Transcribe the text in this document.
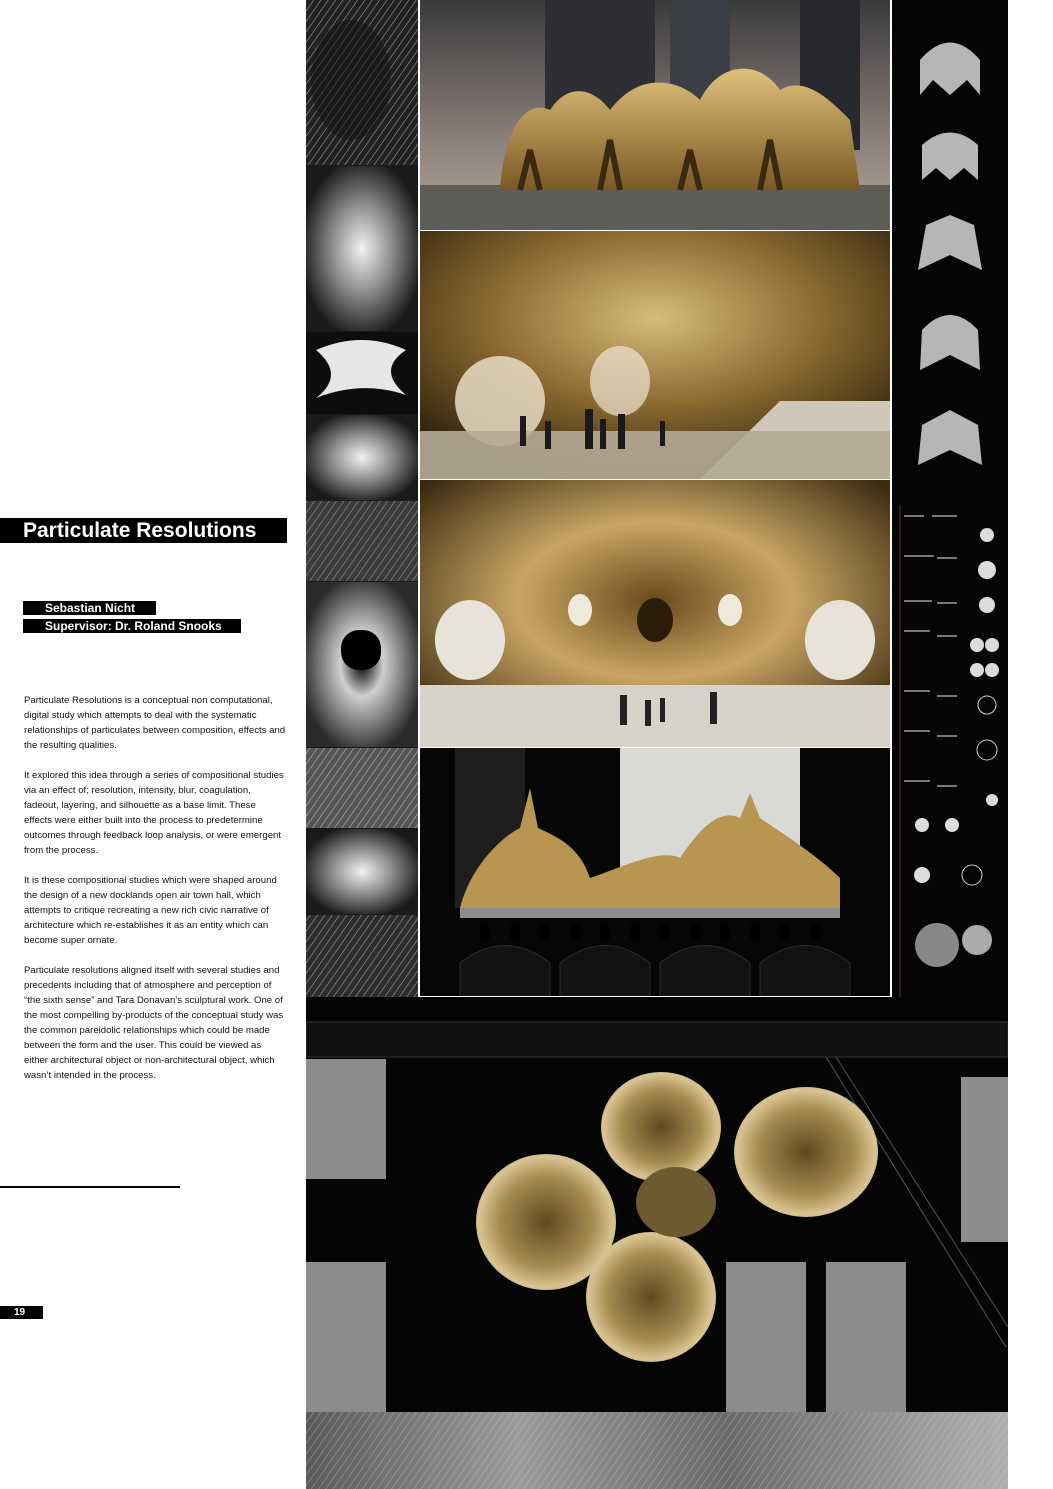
Particulate Resolutions
Sebastian Nicht
Supervisor: Dr. Roland Snooks

Particulate Resolutions is a conceptual non computational, digital study which attempts to deal with the systematic relationships of particulates between composition, effects and the resulting qualities.

It explored this idea through a series of compositional studies via an effect of; resolution, intensity, blur, coagulation, fadeout, layering, and silhouette as a base limit. These effects were either built into the process to predetermine outcomes through feedback loop analysis, or were emergent from the process.

It is these compositional studies which were shaped around the design of a new docklands open air town hall, which attempts to critique recreating a new rich civic narrative of architecture which re-establishes it as an entity which can become super ornate.

Particulate resolutions aligned itself with several studies and precedents including that of atmosphere and perception of “the sixth sense” and Tara Donavan’s sculptural work. One of the most compelling by-products of the conceptual study was the common pareidolic relationships which could be made between the form and the user. This could be viewed as either architectural object or non-architectural object, which wasn’t intended in the process.

19
